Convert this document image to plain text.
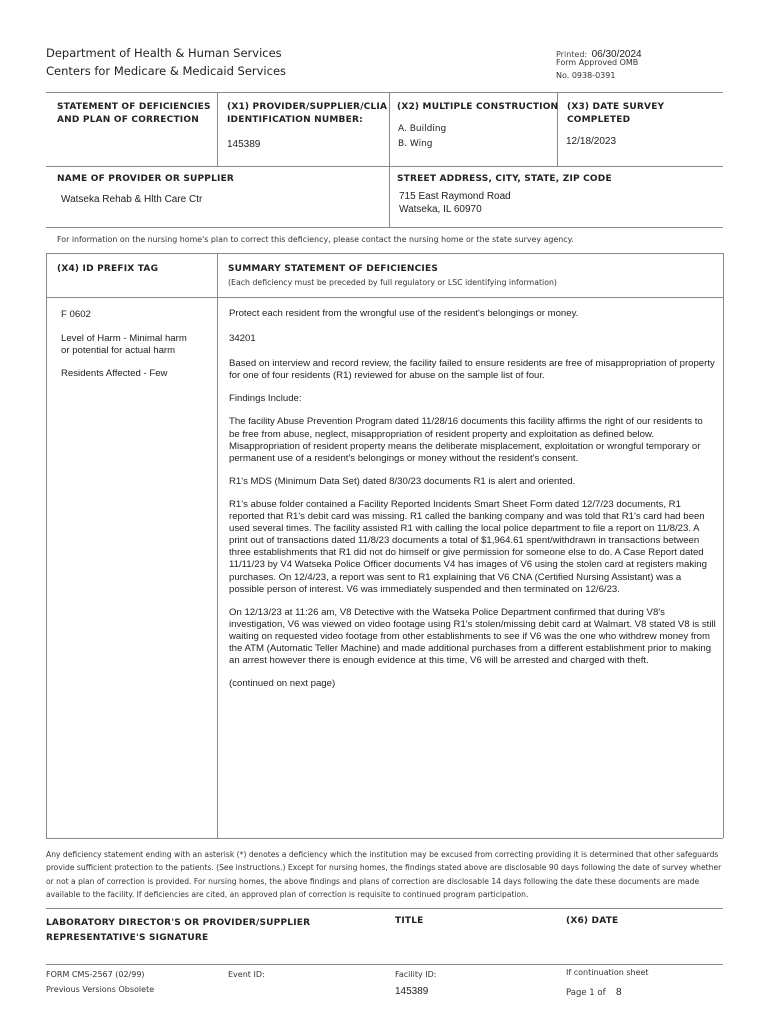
Department of Health & Human Services
Centers for Medicare & Medicaid Services
Printed: 06/30/2024
Form Approved OMB
No. 0938-0391
STATEMENT OF DEFICIENCIES
AND PLAN OF CORRECTION
(X1) PROVIDER/SUPPLIER/CLIA
IDENTIFICATION NUMBER:
145389
(X2) MULTIPLE CONSTRUCTION
A. Building
B. Wing
(X3) DATE SURVEY
COMPLETED
12/18/2023
NAME OF PROVIDER OR SUPPLIER
Watseka Rehab & Hlth Care Ctr
STREET ADDRESS, CITY, STATE, ZIP CODE
715 East Raymond Road
Watseka, IL 60970
For information on the nursing home's plan to correct this deficiency, please contact the nursing home or the state survey agency.
(X4) ID PREFIX TAG	SUMMARY STATEMENT OF DEFICIENCIES
(Each deficiency must be preceded by full regulatory or LSC identifying information)
F 0602
Level of Harm - Minimal harm
or potential for actual harm
Residents Affected - Few

Protect each resident from the wrongful use of the resident's belongings or money.

34201

Based on interview and record review, the facility failed to ensure residents are free of misappropriation of property for one of four residents (R1) reviewed for abuse on the sample list of four.

Findings Include:

The facility Abuse Prevention Program dated 11/28/16 documents this facility affirms the right of our residents to be free from abuse, neglect, misappropriation of resident property and exploitation as defined below. Misappropriation of resident property means the deliberate misplacement, exploitation or wrongful temporary or permanent use of a resident's belongings or money without the resident's consent.

R1's MDS (Minimum Data Set) dated 8/30/23 documents R1 is alert and oriented.

R1's abuse folder contained a Facility Reported Incidents Smart Sheet Form dated 12/7/23 documents, R1 reported that R1's debit card was missing. R1 called the banking company and was told that R1's card had been used several times. The facility assisted R1 with calling the local police department to file a report on 11/8/23. A print out of transactions dated 11/8/23 documents a total of $1,964.61 spent/withdrawn in transactions between three establishments that R1 did not do himself or give permission for someone else to do. A Case Report dated 11/11/23 by V4 Watseka Police Officer documents V4 has images of V6 using the stolen card at registers making purchases. On 12/4/23, a report was sent to R1 explaining that V6 CNA (Certified Nursing Assistant) was a possible person of interest. V6 was immediately suspended and then terminated on 12/6/23.

On 12/13/23 at 11:26 am, V8 Detective with the Watseka Police Department confirmed that during V8's investigation, V6 was viewed on video footage using R1's stolen/missing debit card at Walmart. V8 stated V8 is still waiting on requested video footage from other establishments to see if V6 was the one who withdrew money from the ATM (Automatic Teller Machine) and made additional purchases from a different establishment prior to making an arrest however there is enough evidence at this time, V6 will be arrested and charged with theft.

(continued on next page)

Any deficiency statement ending with an asterisk (*) denotes a deficiency which the institution may be excused from correcting providing it is determined that other safeguards provide sufficient protection to the patients. (See instructions.) Except for nursing homes, the findings stated above are disclosable 90 days following the date of survey whether or not a plan of correction is provided. For nursing homes, the above findings and plans of correction are disclosable 14 days following the date these documents are made available to the facility. If deficiencies are cited, an approved plan of correction is requisite to continued program participation.
LABORATORY DIRECTOR'S OR PROVIDER/SUPPLIER
REPRESENTATIVE'S SIGNATURE
TITLE	(X6) DATE
FORM CMS-2567 (02/99)
Previous Versions Obsolete
Event ID:	Facility ID:
145389
If continuation sheet
Page 1 of 8
